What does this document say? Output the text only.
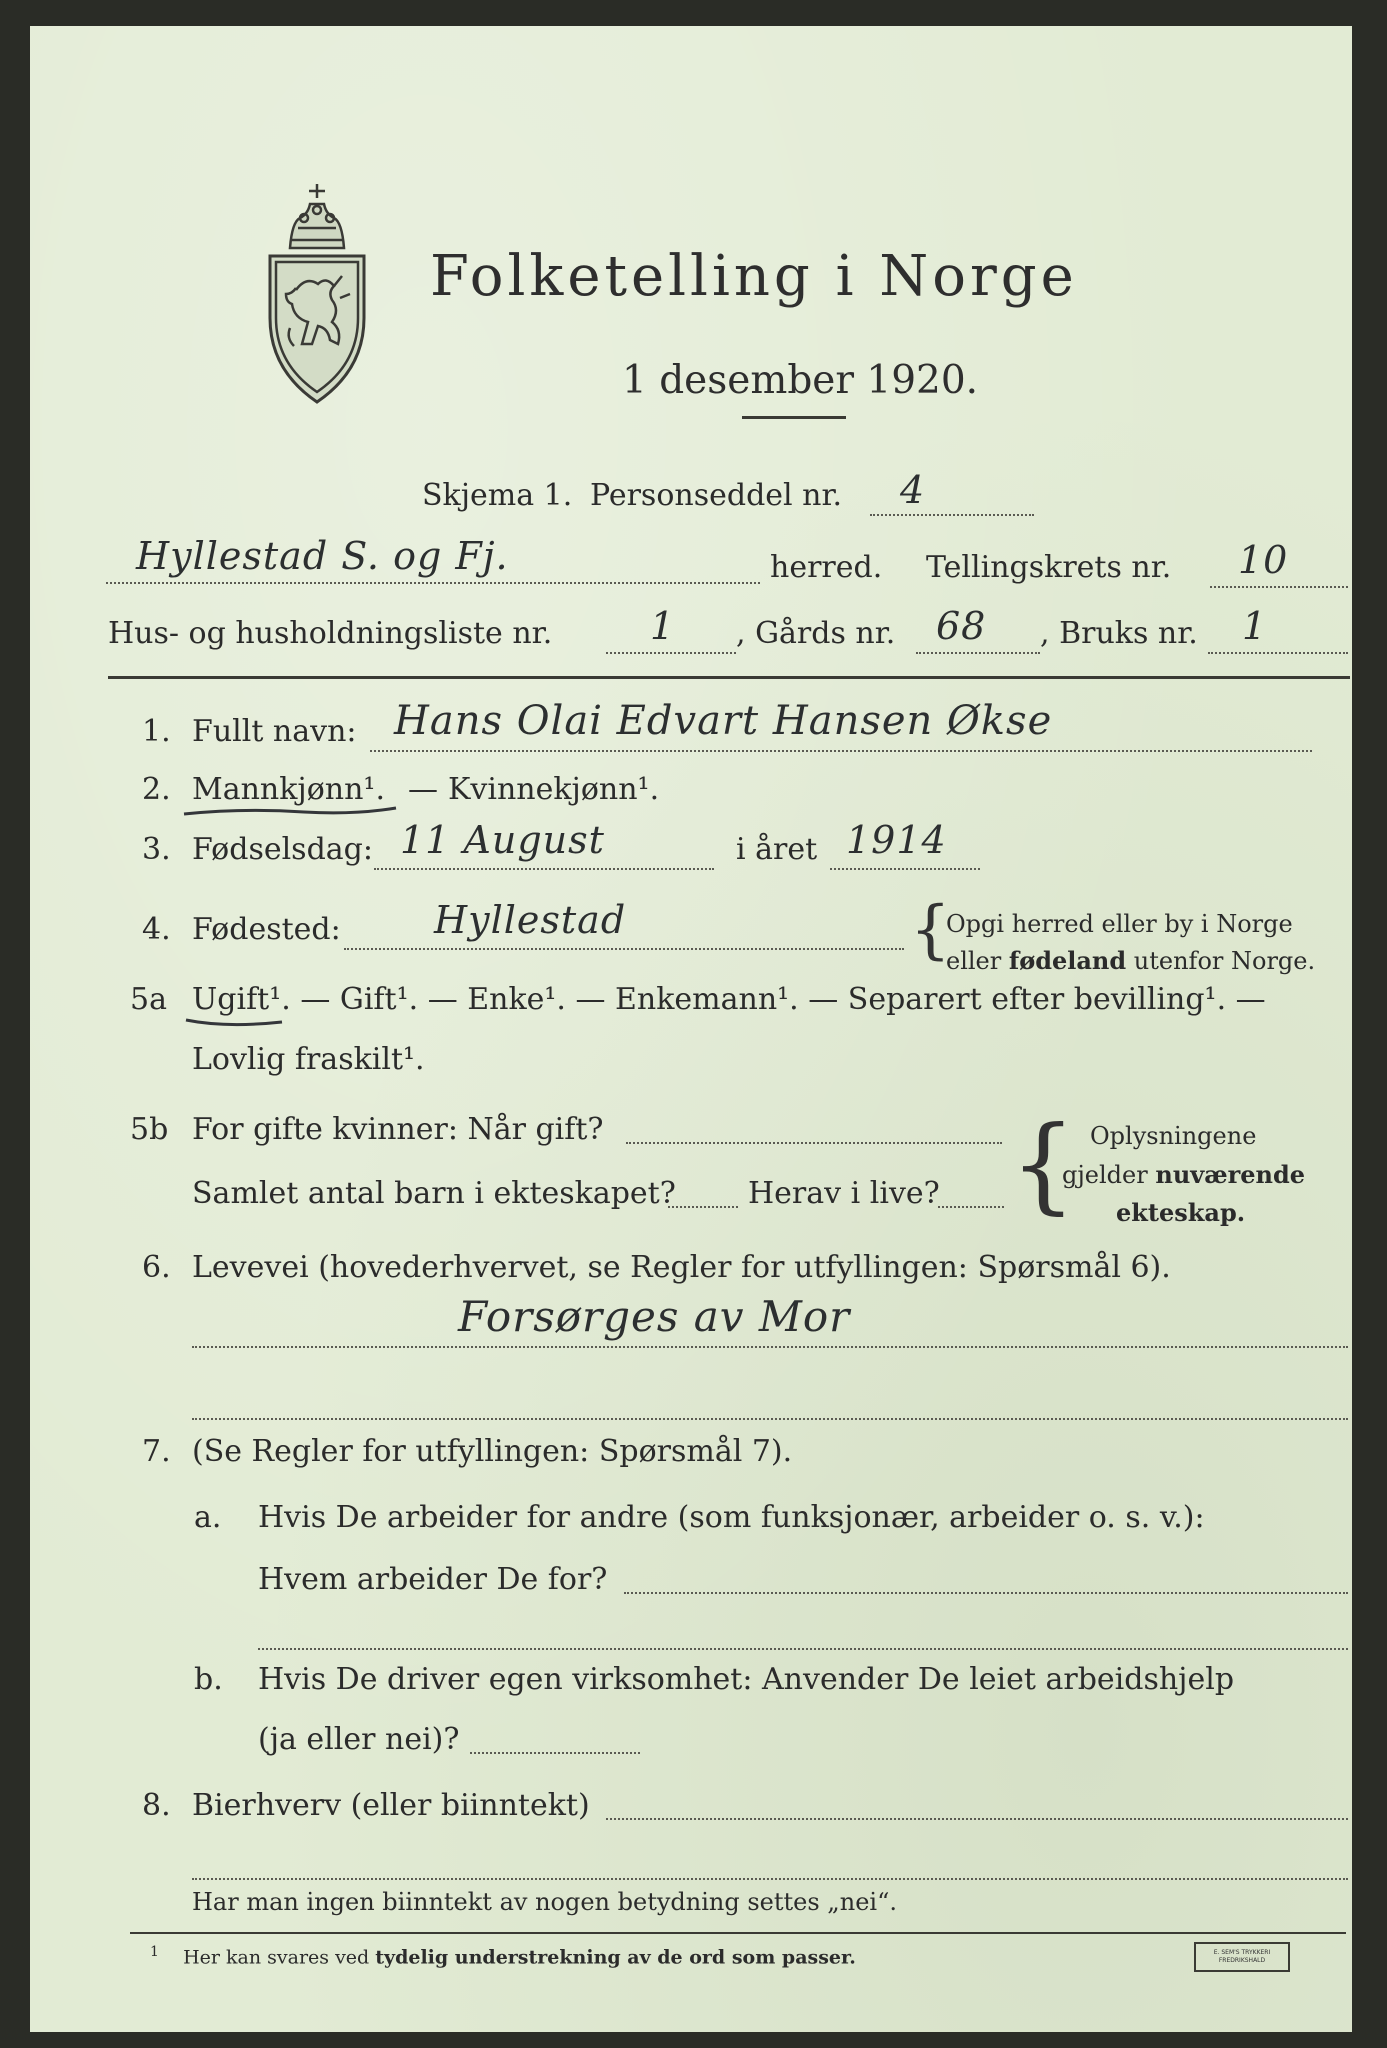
Folketelling i Norge
1 desember 1920.
Skjema 1. Personseddel nr. 4
Hyllestad S. og Fj.	herred. Tellingskrets nr. 10
Hus- og husholdningsliste nr.	1 , Gårds nr. 68 , Bruks nr. 1
1. Fullt navn: Hans Olai Edvart Hansen Økse
2. Mannkjønn¹. — Kvinnekjønn¹.
3. Fødselsdag: 11 August	i året 1914
4. Fødested: Hyllestad	{
Opgi herred eller by i Norge
eller fødeland utenfor Norge.
5a Ugift¹. — Gift¹. — Enke¹. — Enkemann¹. — Separert efter bevilling¹. —
Lovlig fraskilt¹.
5b For gifte kvinner: Når gift?
Samlet antal barn i ekteskapet? Herav i live? { Oplysningene
gjelder nuværende
ekteskap.
6. Levevei (hovederhvervet, se Regler for utfyllingen: Spørsmål 6).
Forsørges av Mor
7. (Se Regler for utfyllingen: Spørsmål 7).
a. Hvis De arbeider for andre (som funksjonær, arbeider o. s. v.):
Hvem arbeider De for?
b. Hvis De driver egen virksomhet: Anvender De leiet arbeidshjelp
(ja eller nei)?
8. Bierhverv (eller biinntekt)
Har man ingen biinntekt av nogen betydning settes „nei“.
$^1$ Her kan svares ved tydelig understrekning av de ord som passer.	E. SEM'S TRYKKERI
FREDRIKSHALD
